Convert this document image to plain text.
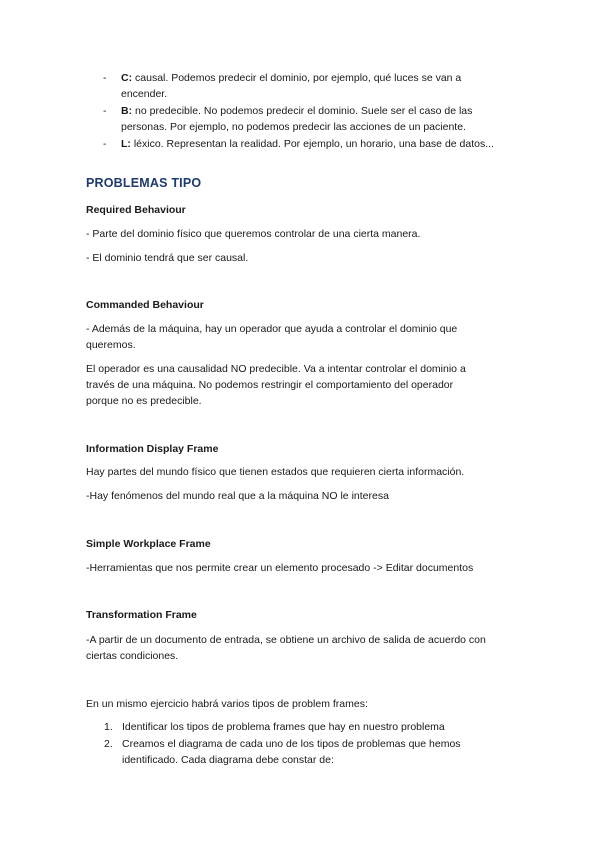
- C: causal. Podemos predecir el dominio, por ejemplo, qué luces se van a
encender.
- B: no predecible. No podemos predecir el dominio. Suele ser el caso de las
personas. Por ejemplo, no podemos predecir las acciones de un paciente.
- L: léxico. Representan la realidad. Por ejemplo, un horario, una base de datos...
PROBLEMAS TIPO
Required Behaviour
- Parte del dominio físico que queremos controlar de una cierta manera.
- El dominio tendrá que ser causal.
Commanded Behaviour
- Además de la máquina, hay un operador que ayuda a controlar el dominio que
queremos.
El operador es una causalidad NO predecible. Va a intentar controlar el dominio a
través de una máquina. No podemos restringir el comportamiento del operador
porque no es predecible.
Information Display Frame
Hay partes del mundo físico que tienen estados que requieren cierta información.
-Hay fenómenos del mundo real que a la máquina NO le interesa
Simple Workplace Frame
-Herramientas que nos permite crear un elemento procesado -> Editar documentos
Transformation Frame
-A partir de un documento de entrada, se obtiene un archivo de salida de acuerdo con
ciertas condiciones.
En un mismo ejercicio habrá varios tipos de problem frames:
1. Identificar los tipos de problema frames que hay en nuestro problema
2. Creamos el diagrama de cada uno de los tipos de problemas que hemos
identificado. Cada diagrama debe constar de:
